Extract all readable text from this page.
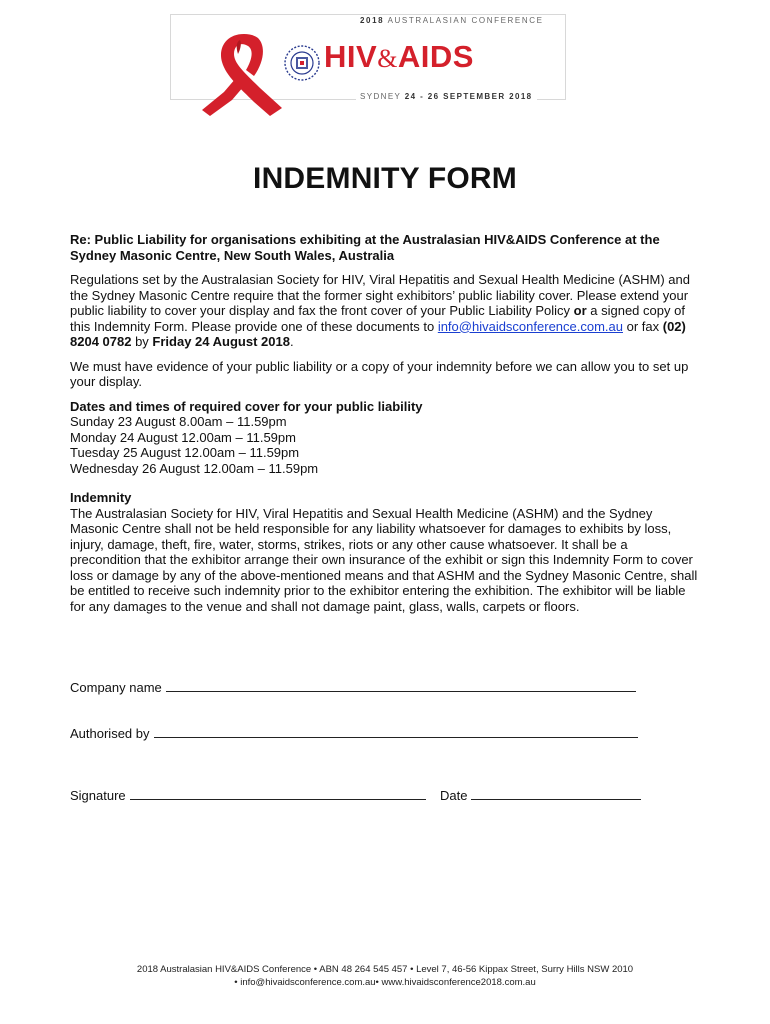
2018 AUSTRALASIAN CONFERENCE
HIV&AIDS
SYDNEY 24 - 26 SEPTEMBER 2018
INDEMNITY FORM

Re: Public Liability for organisations exhibiting at the Australasian HIV&AIDS Conference at the Sydney Masonic Centre, New South Wales, Australia

Regulations set by the Australasian Society for HIV, Viral Hepatitis and Sexual Health Medicine (ASHM) and the Sydney Masonic Centre require that the former sight exhibitors’ public liability cover. Please extend your public liability to cover your display and fax the front cover of your Public Liability Policy or a signed copy of this Indemnity Form. Please provide one of these documents to info@hivaidsconference.com.au or fax (02) 8204 0782 by Friday 24 August 2018.

We must have evidence of your public liability or a copy of your indemnity before we can allow you to set up your display.

Dates and times of required cover for your public liability

Sunday 23 August 8.00am – 11.59pm

Monday 24 August 12.00am – 11.59pm

Tuesday 25 August 12.00am – 11.59pm

Wednesday 26 August 12.00am – 11.59pm

Indemnity

The Australasian Society for HIV, Viral Hepatitis and Sexual Health Medicine (ASHM) and the Sydney Masonic Centre shall not be held responsible for any liability whatsoever for damages to exhibits by loss, injury, damage, theft, fire, water, storms, strikes, riots or any other cause whatsoever. It shall be a precondition that the exhibitor arrange their own insurance of the exhibit or sign this Indemnity Form to cover loss or damage by any of the above-mentioned means and that ASHM and the Sydney Masonic Centre, shall be entitled to receive such indemnity prior to the exhibitor entering the exhibition. The exhibitor will be liable for any damages to the venue and shall not damage paint, glass, walls, carpets or floors.

Company name
Authorised by
Signature	Date
2018 Australasian HIV&AIDS Conference • ABN 48 264 545 457 • Level 7, 46-56 Kippax Street, Surry Hills NSW 2010
• info@hivaidsconference.com.au• www.hivaidsconference2018.com.au
